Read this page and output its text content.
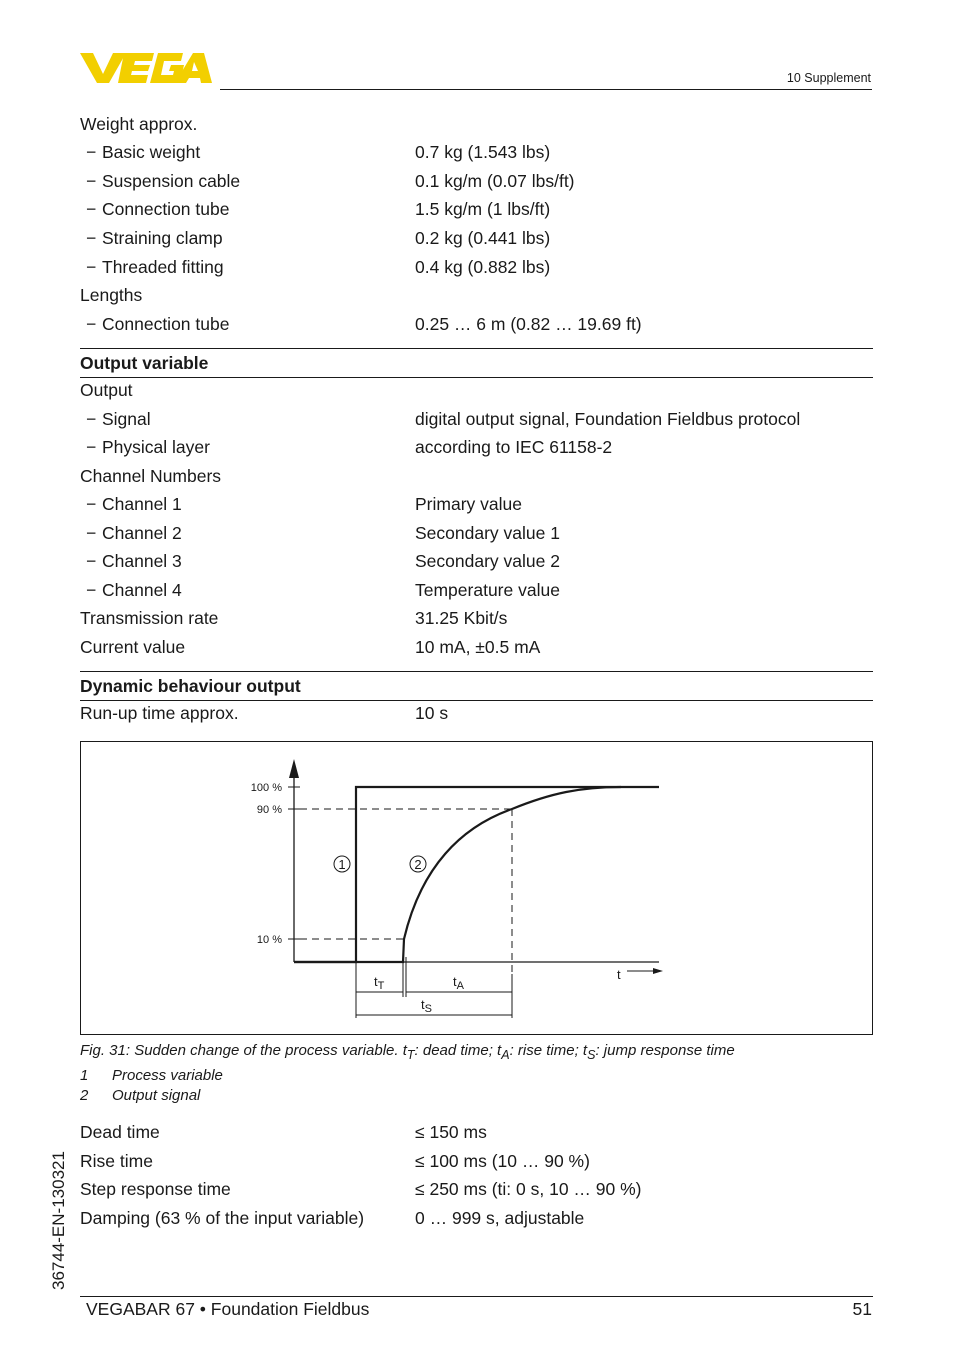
10 Supplement
Weight approx.
− Basic weight	0.7 kg (1.543 lbs)
− Suspension cable	0.1 kg/m (0.07 lbs/ft)
− Connection tube	1.5 kg/m (1 lbs/ft)
− Straining clamp	0.2 kg (0.441 lbs)
− Threaded fitting	0.4 kg (0.882 lbs)
Lengths
− Connection tube	0.25 … 6 m (0.82 … 19.69 ft)
Output variable
Output
− Signal	digital output signal, Foundation Fieldbus protocol
− Physical layer	according to IEC 61158-2
Channel Numbers
− Channel 1	Primary value
− Channel 2	Secondary value 1
− Channel 3	Secondary value 2
− Channel 4	Temperature value
Transmission rate	31.25 Kbit/s
Current value	10 mA, ±0.5 mA
Dynamic behaviour output
Run-up time approx.	10 s
100 %
90 %
10 %
1	2
$t_T$	$t_A$
$t_S$
t
Fig. 31: Sudden change of the process variable. $t_T$: dead time; $t_A$: rise time; $t_S$: jump response time
1 Process variable
2 Output signal
Dead time	≤ 150 ms
Rise time	≤ 100 ms (10 … 90 %)
Step response time	≤ 250 ms (ti: 0 s, 10 … 90 %)
Damping (63 % of the input variable)	0 … 999 s, adjustable
36744-EN-130321
VEGABAR 67 • Foundation Fieldbus	51
